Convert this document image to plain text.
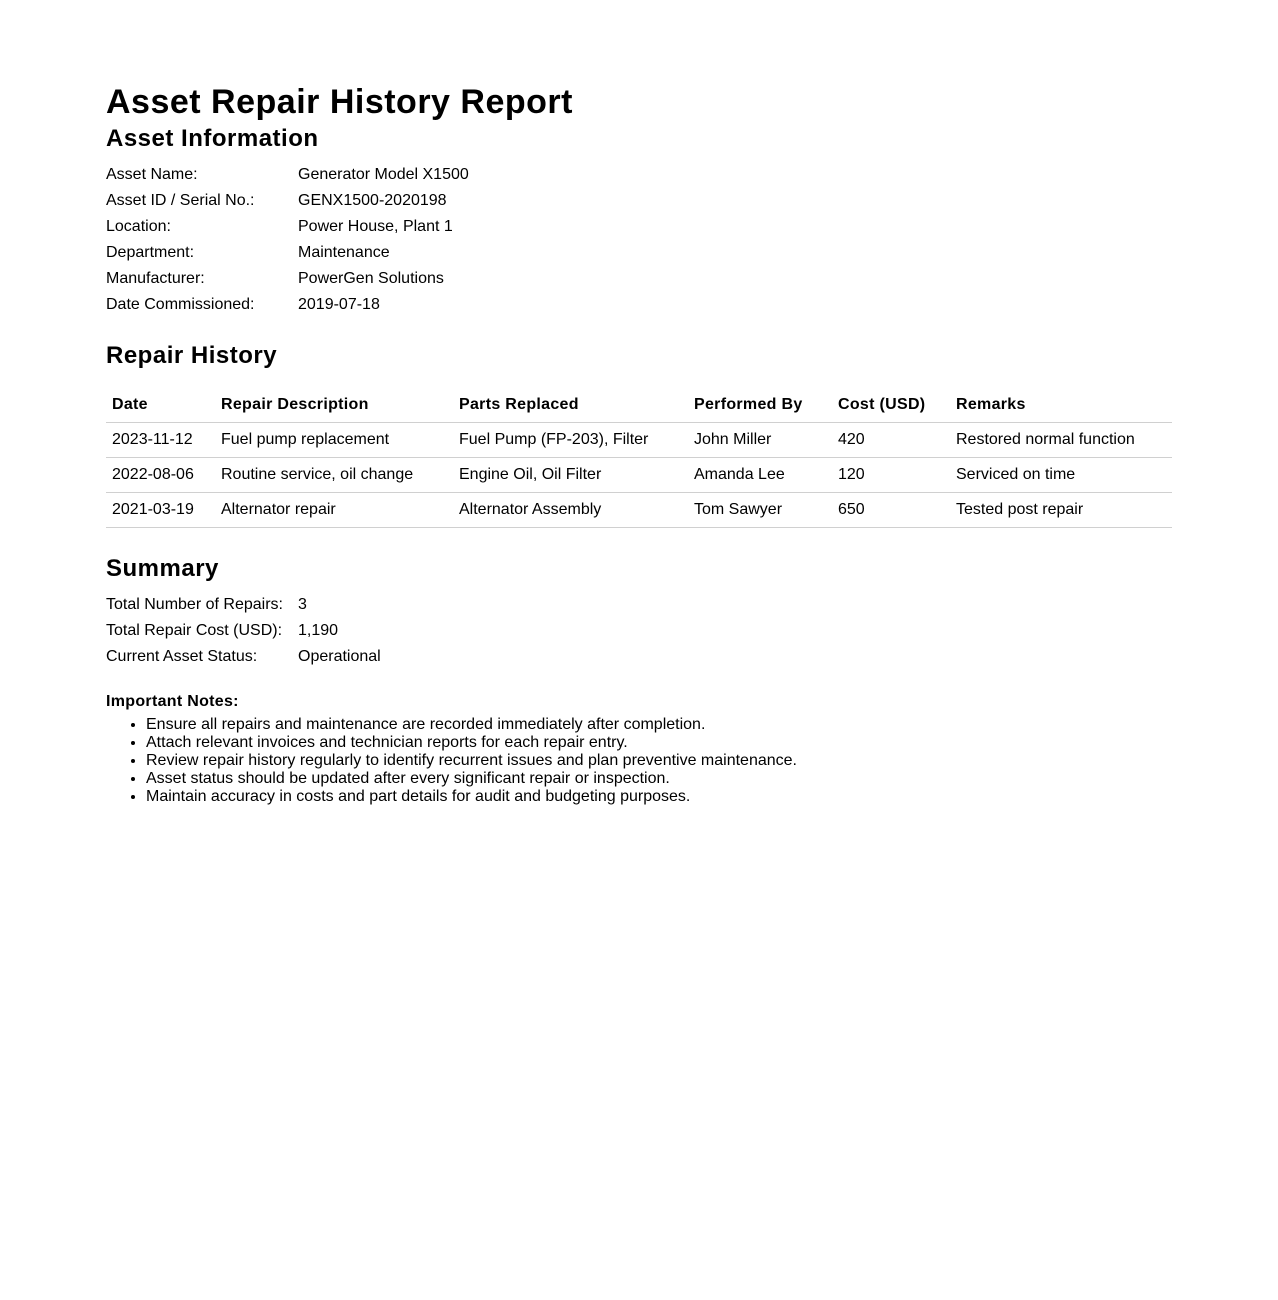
Asset Repair History Report
Asset Information
Asset Name:	Generator Model X1500
Asset ID / Serial No.:	GENX1500-2020198
Location:	Power House, Plant 1
Department:	Maintenance
Manufacturer:	PowerGen Solutions
Date Commissioned:	2019-07-18
Repair History
Date	Repair Description	Parts Replaced	Performed By	Cost (USD)	Remarks
2023-11-12	Fuel pump replacement	Fuel Pump (FP-203), Filter	John Miller	420	Restored normal function
2022-08-06	Routine service, oil change	Engine Oil, Oil Filter	Amanda Lee	120	Serviced on time
2021-03-19	Alternator repair	Alternator Assembly	Tom Sawyer	650	Tested post repair
Summary
Total Number of Repairs: 3
Total Repair Cost (USD): 1,190
Current Asset Status:	Operational
Important Notes:
• Ensure all repairs and maintenance are recorded immediately after completion.
• Attach relevant invoices and technician reports for each repair entry.
• Review repair history regularly to identify recurrent issues and plan preventive maintenance.
• Asset status should be updated after every significant repair or inspection.
• Maintain accuracy in costs and part details for audit and budgeting purposes.
